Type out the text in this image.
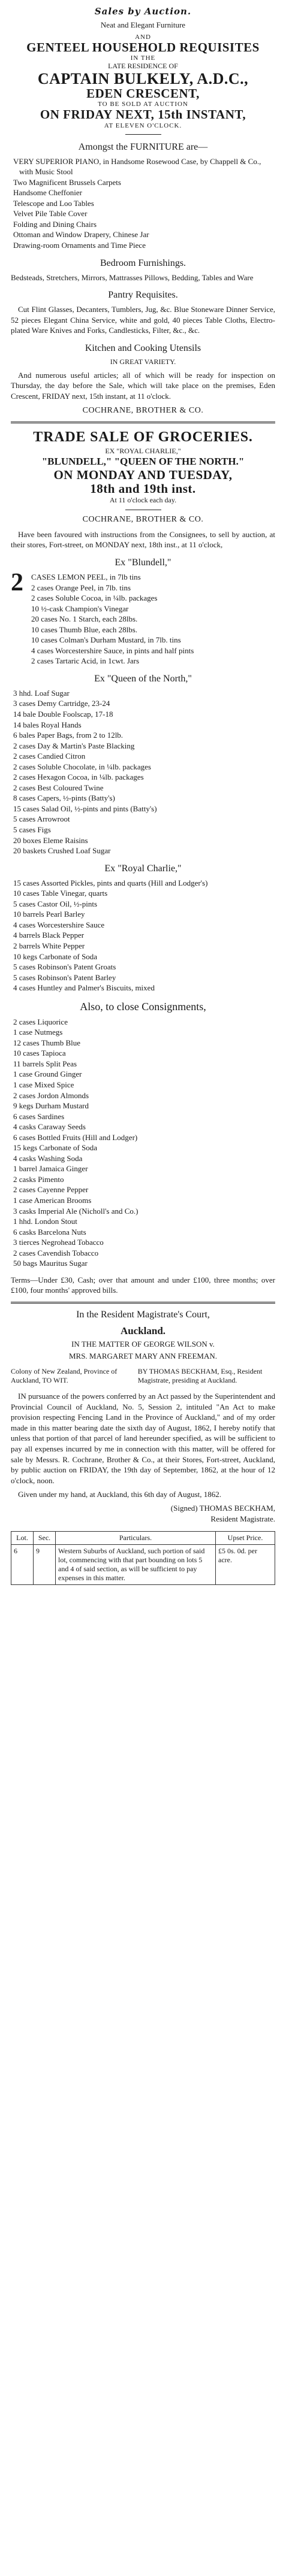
Sales by Auction.

Neat and Elegant Furniture

AND
GENTEEL HOUSEHOLD REQUISITES
IN THE
LATE RESIDENCE OF
CAPTAIN BULKELY, A.D.C.,
EDEN CRESCENT,
TO BE SOLD AT AUCTION
ON FRIDAY NEXT, 15th INSTANT,
AT ELEVEN O'CLOCK.
Amongst the FURNITURE are—

VERY SUPERIOR PIANO, in Handsome Rosewood Case, by Chappell & Co., with Music Stool

Two Magnificent Brussels Carpets

Handsome Cheffonier

Telescope and Loo Tables

Velvet Pile Table Cover

Folding and Dining Chairs

Ottoman and Window Drapery, Chinese Jar

Drawing-room Ornaments and Time Piece

Bedroom Furnishings.

Bedsteads, Stretchers, Mirrors, Mattrasses Pillows, Bedding, Tables and Ware

Pantry Requisites.

Cut Flint Glasses, Decanters, Tumblers, Jug, &c. Blue Stoneware Dinner Service, 52 pieces Elegant China Service, white and gold, 40 pieces Table Cloths, Electro-plated Ware Knives and Forks, Candlesticks, Filter, &c., &c.

Kitchen and Cooking Utensils
IN GREAT VARIETY.

And numerous useful articles; all of which will be ready for inspection on Thursday, the day before the Sale, which will take place on the premises, Eden Crescent, FRIDAY next, 15th instant, at 11 o'clock.

COCHRANE, BROTHER & CO.
TRADE SALE OF GROCERIES.
EX "ROYAL CHARLIE,"
"BLUNDELL," "QUEEN OF THE NORTH."
ON MONDAY AND TUESDAY,
18th and 19th inst.
At 11 o'clock each day.
COCHRANE, BROTHER & CO.

Have been favoured with instructions from the Consignees, to sell by auction, at their stores, Fort-street, on MONDAY next, 18th inst., at 11 o'clock,

Ex "Blundell,"
2	CASES LEMON PEEL, in 7lb tins

2 cases Orange Peel, in 7lb. tins

2 cases Soluble Cocoa, in ¼lb. packages

10 ½-cask Champion's Vinegar

20 cases No. 1 Starch, each 28lbs.

10 cases Thumb Blue, each 28lbs.

10 cases Colman's Durham Mustard, in 7lb. tins

4 cases Worcestershire Sauce, in pints and half pints

2 cases Tartaric Acid, in 1cwt. Jars

Ex "Queen of the North,"

3 hhd. Loaf Sugar

3 cases Demy Cartridge, 23-24

14 bale Double Foolscap, 17-18

14 bales Royal Hands

6 bales Paper Bags, from 2 to 12lb.

2 cases Day & Martin's Paste Blacking

2 cases Candied Citron

2 cases Soluble Chocolate, in ¼lb. packages

2 cases Hexagon Cocoa, in ¼lb. packages

2 cases Best Coloured Twine

8 cases Capers, ½-pints (Batty's)

15 cases Salad Oil, ½-pints and pints (Batty's)

5 cases Arrowroot

5 cases Figs

20 boxes Eleme Raisins

20 baskets Crushed Loaf Sugar

Ex "Royal Charlie,"

15 cases Assorted Pickles, pints and quarts (Hill and Lodger's)

10 cases Table Vinegar, quarts

5 cases Castor Oil, ½-pints

10 barrels Pearl Barley

4 cases Worcestershire Sauce

4 barrels Black Pepper

2 barrels White Pepper

10 kegs Carbonate of Soda

5 cases Robinson's Patent Groats

5 cases Robinson's Patent Barley

4 cases Huntley and Palmer's Biscuits, mixed

Also, to close Consignments,

2 cases Liquorice

1 case Nutmegs

12 cases Thumb Blue

10 cases Tapioca

11 barrels Split Peas

1 case Ground Ginger

1 case Mixed Spice

2 cases Jordon Almonds

9 kegs Durham Mustard

6 cases Sardines

4 casks Caraway Seeds

6 cases Bottled Fruits (Hill and Lodger)

15 kegs Carbonate of Soda

4 casks Washing Soda

1 barrel Jamaica Ginger

2 casks Pimento

2 cases Cayenne Pepper

1 case American Brooms

3 casks Imperial Ale (Nicholl's and Co.)

1 hhd. London Stout

6 casks Barcelona Nuts

3 tierces Negrohead Tobacco

2 cases Cavendish Tobacco

50 bags Mauritus Sugar

Terms—Under £30, Cash; over that amount and under £100, three months; over £100, four months' approved bills.

In the Resident Magistrate's Court,
Auckland.
IN THE MATTER OF GEORGE WILSON v.
MRS. MARGARET MARY ANN FREEMAN.
Colony of New Zealand, Province of Auckland, TO WIT.
BY THOMAS BECKHAM, Esq., Resident Magistrate, presiding at Auckland.

IN pursuance of the powers conferred by an Act passed by the Superintendent and Provincial Council of Auckland, No. 5, Session 2, intituled "An Act to make provision respecting Fencing Land in the Province of Auckland," and of my order made in this matter bearing date the sixth day of August, 1862, I hereby notify that unless that portion of that parcel of land hereunder specified, as will be sufficient to pay all expenses incurred by me in connection with this matter, will be offered for sale by Messrs. R. Cochrane, Brother & Co., at their Stores, Fort-street, Auckland, by public auction on FRIDAY, the 19th day of September, 1862, at the hour of 12 o'clock, noon.

Given under my hand, at Auckland, this 6th day of August, 1862.

(Signed) THOMAS BECKHAM,
Resident Magistrate.
Lot.	Sec.	Particulars.	Upset Price.
6	9	Western Suburbs of Auckland, such portion of said lot, commencing with that part bounding on lots 5 and 4 of said section, as will be sufficient to pay expenses in this matter.	£5 0s. 0d. per acre.
